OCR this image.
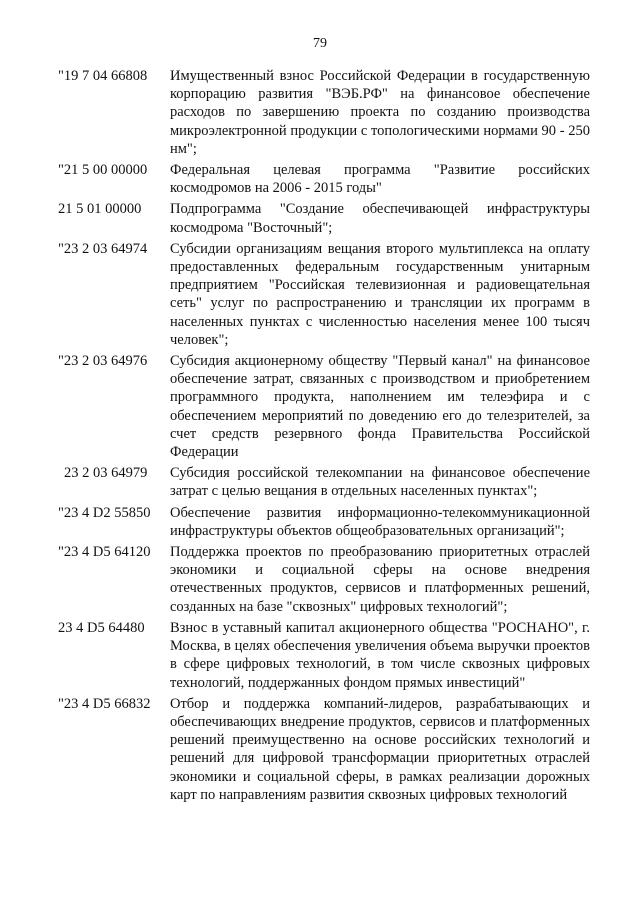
79
"19 7 04 66808	Имущественный взнос Российской Федерации в государственную корпорацию развития "ВЭБ.РФ" на финансовое обеспечение расходов по завершению проекта по созданию производства микроэлектронной продукции с топологическими нормами 90 - 250 нм";
"21 5 00 00000	Федеральная целевая программа "Развитие российских космодромов на 2006 - 2015 годы"
21 5 01 00000	Подпрограмма "Создание обеспечивающей инфраструктуры космодрома "Восточный";
"23 2 03 64974	Субсидии организациям вещания второго мультиплекса на оплату предоставленных федеральным государственным унитарным предприятием "Российская телевизионная и радиовещательная сеть" услуг по распространению и трансляции их программ в населенных пунктах с численностью населения менее 100 тысяч человек";
"23 2 03 64976	Субсидия акционерному обществу "Первый канал" на финансовое обеспечение затрат, связанных с производством и приобретением программного продукта, наполнением им телеэфира и с обеспечением мероприятий по доведению его до телезрителей, за счет средств резервного фонда Правительства Российской Федерации
23 2 03 64979	Субсидия российской телекомпании на финансовое обеспечение затрат с целью вещания в отдельных населенных пунктах";
"23 4 D2 55850	Обеспечение развития информационно-телекоммуникационной инфраструктуры объектов общеобразовательных организаций";
"23 4 D5 64120	Поддержка проектов по преобразованию приоритетных отраслей экономики и социальной сферы на основе внедрения отечественных продуктов, сервисов и платформенных решений, созданных на базе "сквозных" цифровых технологий";
23 4 D5 64480	Взнос в уставный капитал акционерного общества "РОСНАНО", г. Москва, в целях обеспечения увеличения объема выручки проектов в сфере цифровых технологий, в том числе сквозных цифровых технологий, поддержанных фондом прямых инвестиций"
"23 4 D5 66832	Отбор и поддержка компаний-лидеров, разрабатывающих и обеспечивающих внедрение продуктов, сервисов и платформенных решений преимущественно на основе российских технологий и решений для цифровой трансформации приоритетных отраслей экономики и социальной сферы, в рамках реализации дорожных карт по направлениям развития сквозных цифровых технологий
